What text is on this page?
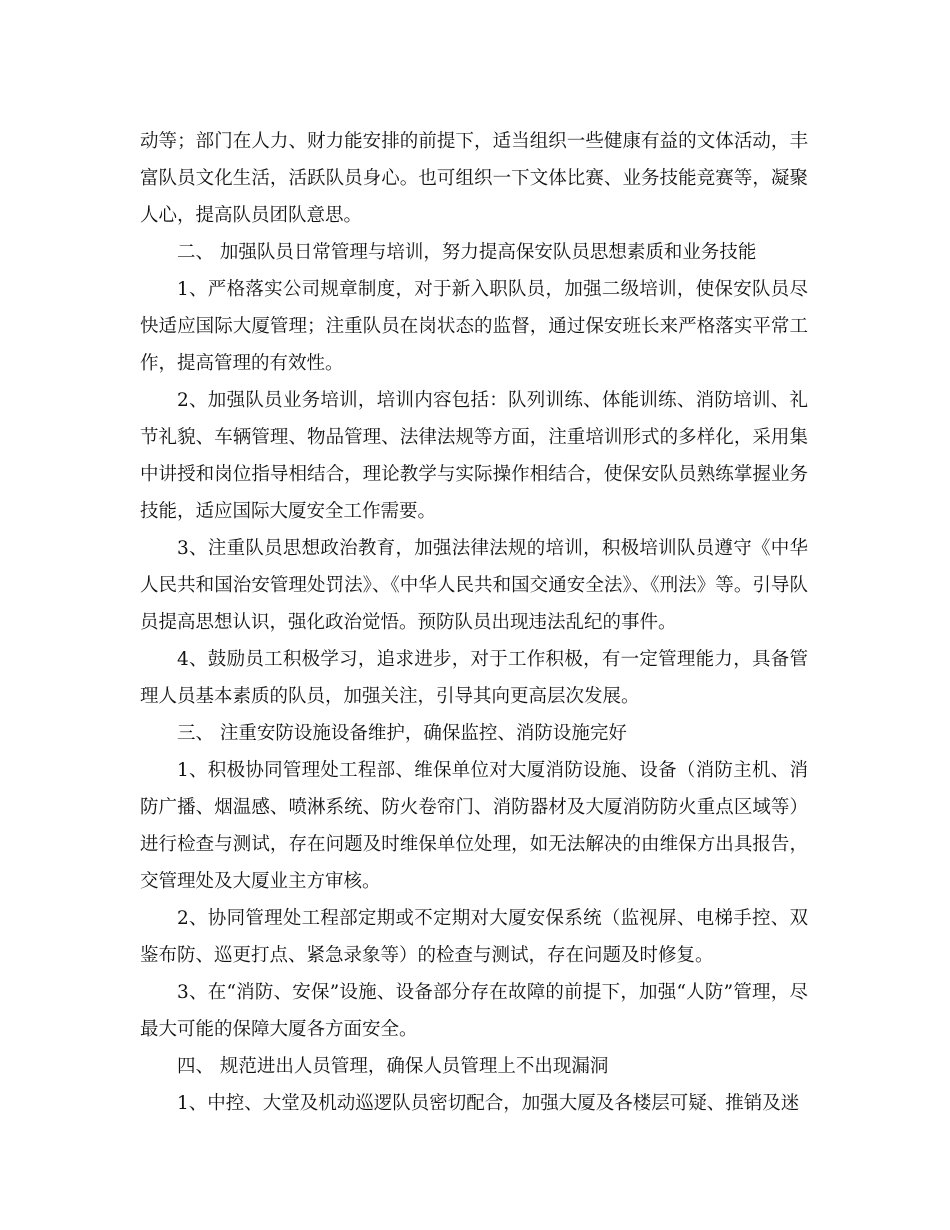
动等；部门在人力、财力能安排的前提下，适当组织一些健康有益的文体活动，丰富队员文化生活，活跃队员身心。也可组织一下文体比赛、业务技能竞赛等，凝聚人心，提高队员团队意思。

二、 加强队员日常管理与培训，努力提高保安队员思想素质和业务技能

1、严格落实公司规章制度，对于新入职队员，加强二级培训，使保安队员尽快适应国际大厦管理；注重队员在岗状态的监督，通过保安班长来严格落实平常工作，提高管理的有效性。

2、加强队员业务培训，培训内容包括：队列训练、体能训练、消防培训、礼节礼貌、车辆管理、物品管理、法律法规等方面，注重培训形式的多样化，采用集中讲授和岗位指导相结合，理论教学与实际操作相结合，使保安队员熟练掌握业务技能，适应国际大厦安全工作需要。

3、注重队员思想政治教育，加强法律法规的培训，积极培训队员遵守《中华人民共和国治安管理处罚法》、《中华人民共和国交通安全法》、《刑法》等。引导队员提高思想认识，强化政治觉悟。预防队员出现违法乱纪的事件。

4、鼓励员工积极学习，追求进步，对于工作积极，有一定管理能力，具备管理人员基本素质的队员，加强关注，引导其向更高层次发展。

三、 注重安防设施设备维护，确保监控、消防设施完好

1、积极协同管理处工程部、维保单位对大厦消防设施、设备（消防主机、消防广播、烟温感、喷淋系统、防火卷帘门、消防器材及大厦消防防火重点区域等）进行检查与测试，存在问题及时维保单位处理，如无法解决的由维保方出具报告，交管理处及大厦业主方审核。

2、协同管理处工程部定期或不定期对大厦安保系统（监视屏、电梯手控、双鉴布防、巡更打点、紧急录象等）的检查与测试，存在问题及时修复。

3、在“消防、安保”设施、设备部分存在故障的前提下，加强“人防”管理，尽最大可能的保障大厦各方面安全。

四、 规范进出人员管理，确保人员管理上不出现漏洞

1、中控、大堂及机动巡逻队员密切配合，加强大厦及各楼层可疑、推销及迷
